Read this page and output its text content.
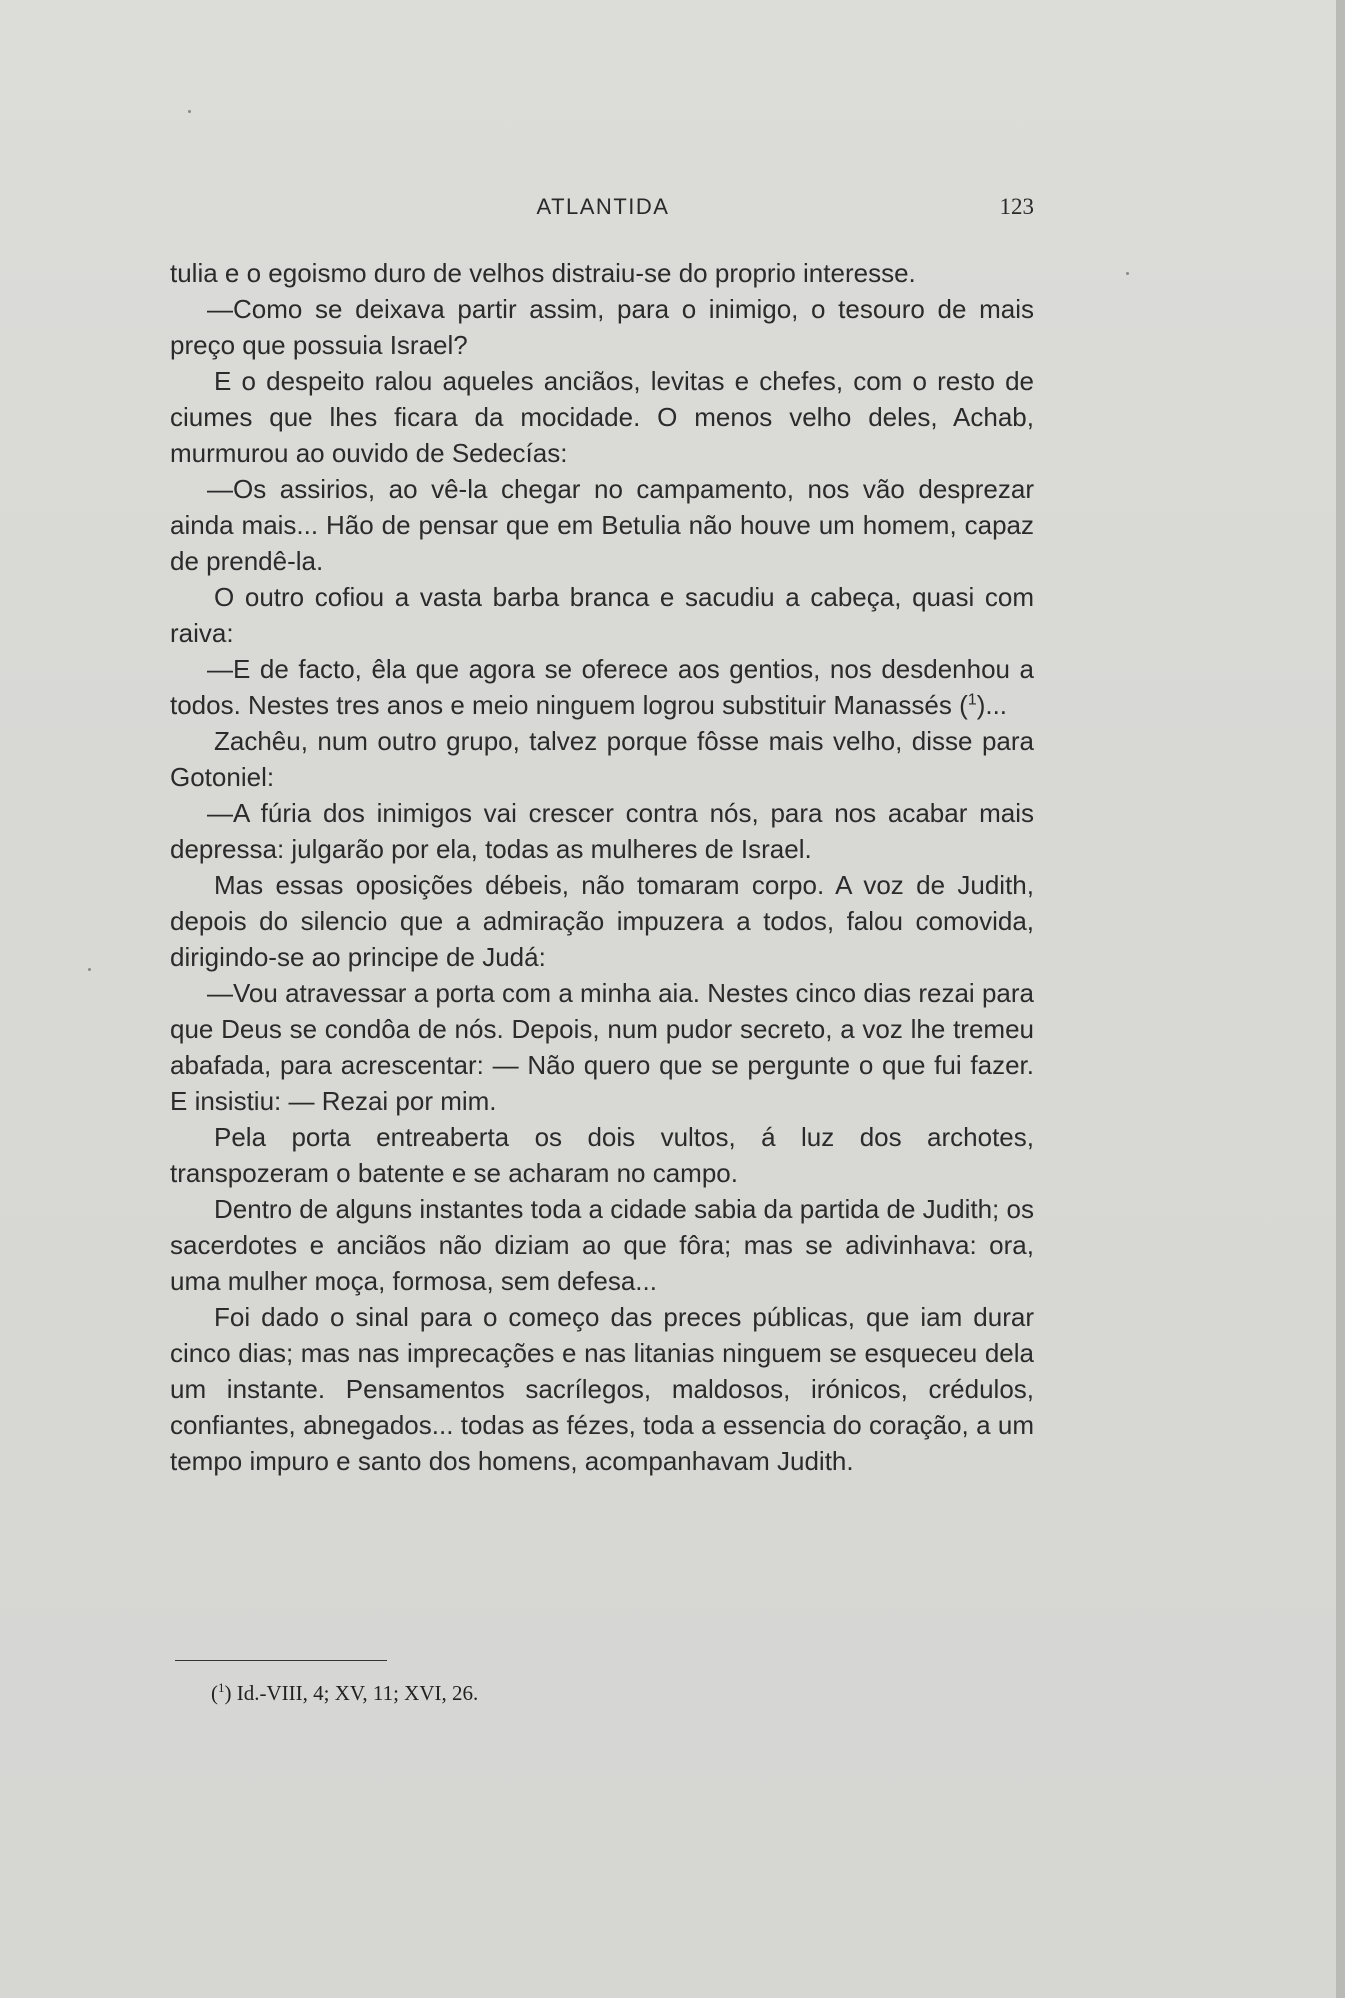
ATLANTIDA	123

tulia e o egoismo duro de velhos distraiu-se do proprio interesse.

—Como se deixava partir assim, para o inimigo, o tesouro de mais preço que possuia Israel?

E o despeito ralou aqueles anciãos, levitas e chefes, com o resto de ciumes que lhes ficara da mocidade. O menos velho deles, Achab, murmurou ao ouvido de Sedecías:

—Os assirios, ao vê-la chegar no campamento, nos vão desprezar ainda mais... Hão de pensar que em Betulia não houve um homem, capaz de prendê-la.

O outro cofiou a vasta barba branca e sacudiu a cabeça, quasi com raiva:

—E de facto, êla que agora se oferece aos gentios, nos desdenhou a todos. Nestes tres anos e meio ninguem logrou substituir Manassés ($^1$)...

Zachêu, num outro grupo, talvez porque fôsse mais velho, disse para Gotoniel:

—A fúria dos inimigos vai crescer contra nós, para nos acabar mais depressa: julgarão por ela, todas as mulheres de Israel.

Mas essas oposições débeis, não tomaram corpo. A voz de Judith, depois do silencio que a admiração impuzera a todos, falou comovida, dirigindo-se ao principe de Judá:

—Vou atravessar a porta com a minha aia. Nestes cinco dias rezai para que Deus se condôa de nós. Depois, num pudor secreto, a voz lhe tremeu abafada, para acrescentar: — Não quero que se pergunte o que fui fazer. E insistiu: — Rezai por mim.

Pela porta entreaberta os dois vultos, á luz dos archotes, transpozeram o batente e se acharam no campo.

Dentro de alguns instantes toda a cidade sabia da partida de Judith; os sacerdotes e anciãos não diziam ao que fôra; mas se adivinhava: ora, uma mulher moça, formosa, sem defesa...

Foi dado o sinal para o começo das preces públicas, que iam durar cinco dias; mas nas imprecações e nas litanias ninguem se esqueceu dela um instante. Pensamentos sacrílegos, maldosos, irónicos, crédulos, confiantes, abnegados... todas as fézes, toda a essencia do coração, a um tempo impuro e santo dos homens, acompanhavam Judith.

($^1$) Id.-VIII, 4; XV, 11; XVI, 26.
